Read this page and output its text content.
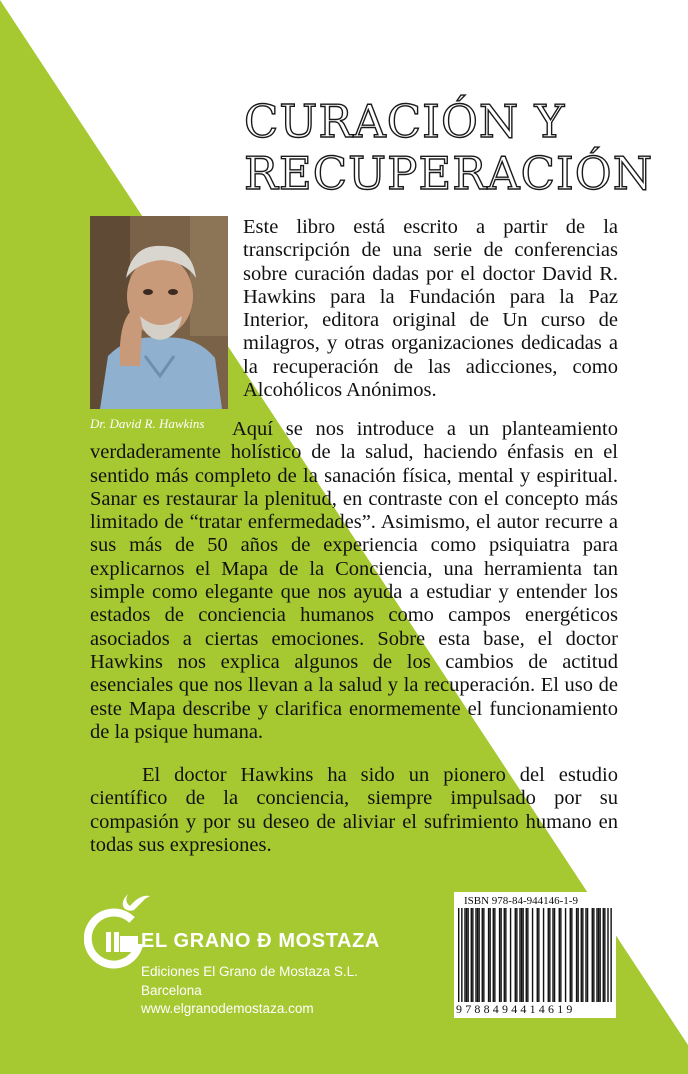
CURACIÓN Y
RECUPERACIÓN
Dr. David R. Hawkins

Este libro está escrito a partir de la transcripción de una serie de conferencias sobre curación dadas por el doctor David R. Hawkins para la Fundación para la Paz Interior, editora original de Un curso de milagros, y otras organizaciones dedicadas a la recuperación de las adicciones, como Alcohólicos Anónimos.

Aquí se nos introduce a un planteamiento verdaderamente holístico de la salud, haciendo énfasis en el sentido más completo de la sanación física, mental y espiritual. Sanar es restaurar la plenitud, en contraste con el concepto más limitado de “tratar enfermedades”. Asimismo, el autor recurre a sus más de 50 años de experiencia como psiquiatra para explicarnos el Mapa de la Conciencia, una herramienta tan simple como elegante que nos ayuda a estudiar y entender los estados de conciencia humanos como campos energéticos asociados a ciertas emociones. Sobre esta base, el doctor Hawkins nos explica algunos de los cambios de actitud esenciales que nos llevan a la salud y la recuperación. El uso de este Mapa describe y clarifica enormemente el funcionamiento de la psique humana.

El doctor Hawkins ha sido un pionero del estudio científico de la conciencia, siempre impulsado por su compasión y por su deseo de aliviar el sufrimiento humano en todas sus expresiones.

EL GRANO Ð MOSTAZA
Ediciones El Grano de Mostaza S.L.
Barcelona
www.elgranodemostaza.com
ISBN 978-84-944146-1-9
9788494414619
